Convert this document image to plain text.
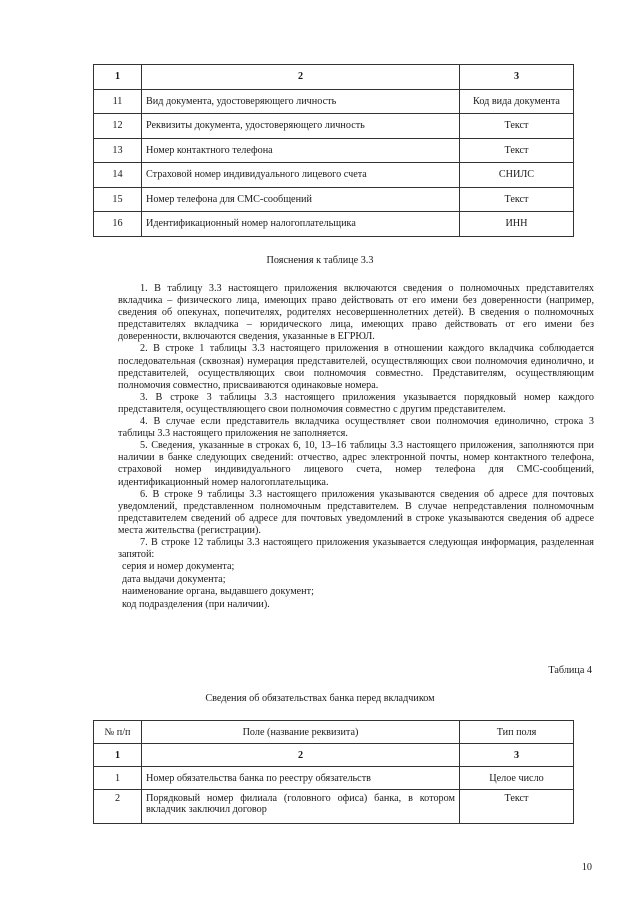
1	2	3
11	Вид документа, удостоверяющего личность	Код вида документа
12	Реквизиты документа, удостоверяющего личность	Текст
13	Номер контактного телефона	Текст
14	Страховой номер индивидуального лицевого счета	СНИЛС
15	Номер телефона для СМС-сообщений	Текст
16	Идентификационный номер налогоплательщика	ИНН
Пояснения к таблице 3.3

1. В таблицу 3.3 настоящего приложения включаются сведения о полномочных представителях вкладчика – физического лица, имеющих право действовать от его имени без доверенности (например, сведения об опекунах, попечителях, родителях несовершеннолетних детей). В сведения о полномочных представителях вкладчика – юридического лица, имеющих право действовать от его имени без доверенности, включаются сведения, указанные в ЕГРЮЛ.

2. В строке 1 таблицы 3.3 настоящего приложения в отношении каждого вкладчика соблюдается последовательная (сквозная) нумерация представителей, осуществляющих свои полномочия единолично, и представителей, осуществляющих свои полномочия совместно. Представителям, осуществляющим полномочия совместно, присваиваются одинаковые номера.

3. В строке 3 таблицы 3.3 настоящего приложения указывается порядковый номер каждого представителя, осуществляющего свои полномочия совместно с другим представителем.

4. В случае если представитель вкладчика осуществляет свои полномочия единолично, строка 3 таблицы 3.3 настоящего приложения не заполняется.

5. Сведения, указанные в строках 6, 10, 13–16 таблицы 3.3 настоящего приложения, заполняются при наличии в банке следующих сведений: отчество, адрес электронной почты, номер контактного телефона, страховой номер индивидуального лицевого счета, номер телефона для СМС-сообщений, идентификационный номер налогоплательщика.

6. В строке 9 таблицы 3.3 настоящего приложения указываются сведения об адресе для почтовых уведомлений, представленном полномочным представителем. В случае непредставления полномочным представителем сведений об адресе для почтовых уведомлений в строке указываются сведения об адресе места жительства (регистрации).

7. В строке 12 таблицы 3.3 настоящего приложения указывается следующая информация, разделенная запятой:

серия и номер документа;
дата выдачи документа;
наименование органа, выдавшего документ;
код подразделения (при наличии).
Таблица 4
Сведения об обязательствах банка перед вкладчиком
№ п/п	Поле (название реквизита)	Тип поля
1	2	3
1	Номер обязательства банка по реестру обязательств	Целое число
2	Порядковый номер филиала (головного офиса) банка, в котором вкладчик заключил договор	Текст
10
